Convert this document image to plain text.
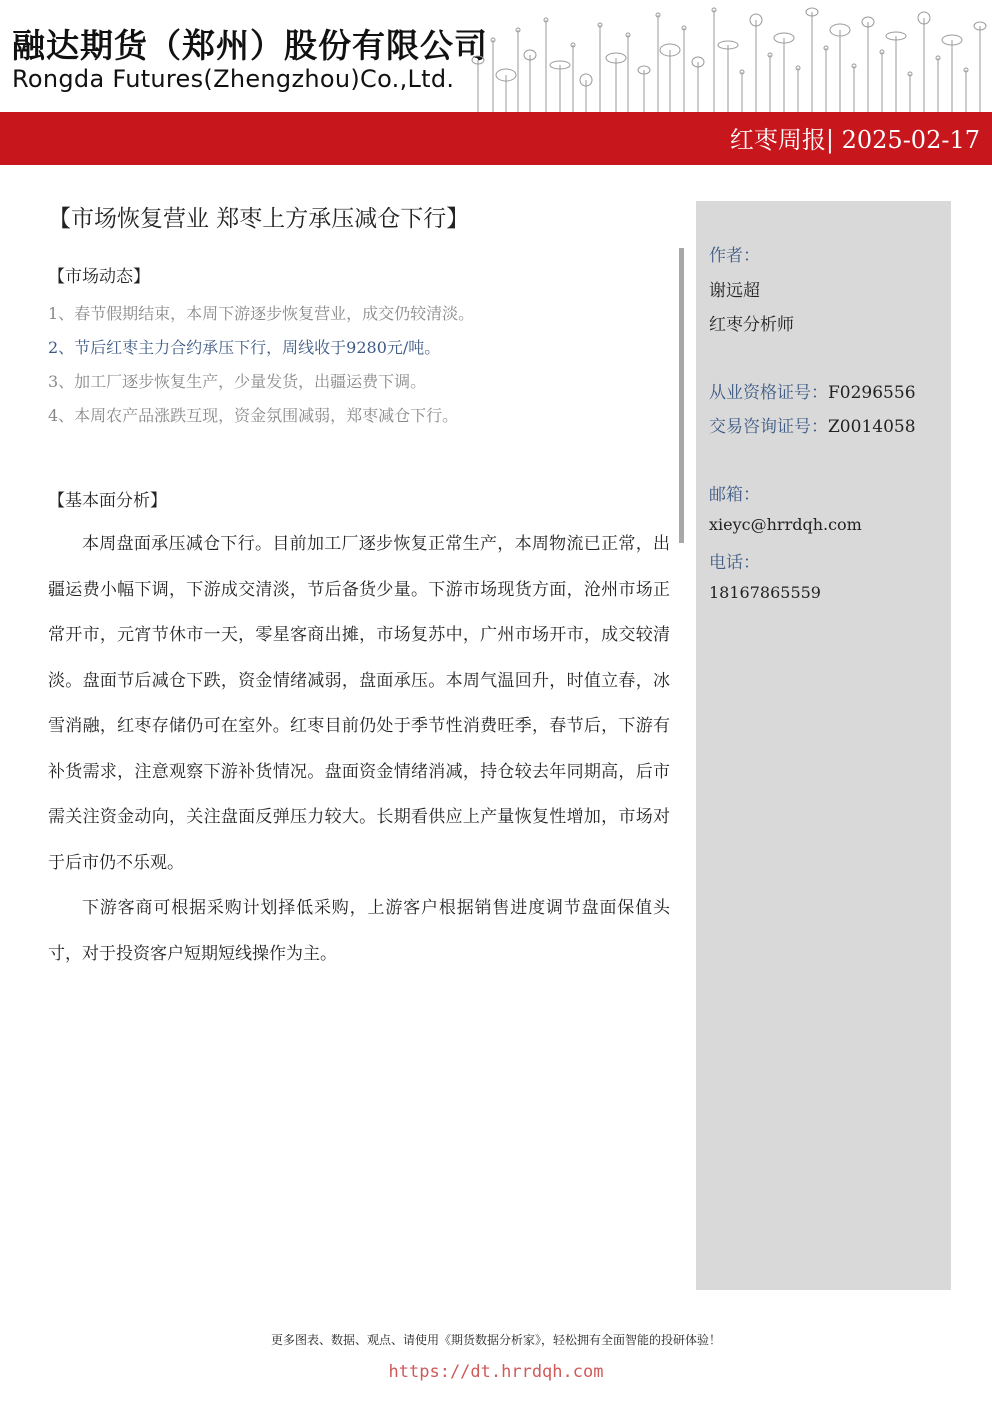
融达期货（郑州）股份有限公司
Rongda Futures(Zhengzhou)Co.,Ltd.
红枣周报| 2025-02-17
【市场恢复营业 郑枣上方承压减仓下行】
【市场动态】
1、春节假期结束，本周下游逐步恢复营业，成交仍较清淡。
2、节后红枣主力合约承压下行，周线收于9280元/吨。
3、加工厂逐步恢复生产，少量发货，出疆运费下调。
4、本周农产品涨跌互现，资金氛围减弱，郑枣减仓下行。
【基本面分析】

本周盘面承压减仓下行。目前加工厂逐步恢复正常生产，本周物流已正常，出疆运费小幅下调，下游成交清淡，节后备货少量。下游市场现货方面，沧州市场正常开市，元宵节休市一天，零星客商出摊，市场复苏中，广州市场开市，成交较清淡。盘面节后减仓下跌，资金情绪减弱，盘面承压。本周气温回升，时值立春，冰雪消融，红枣存储仍可在室外。红枣目前仍处于季节性消费旺季，春节后，下游有补货需求，注意观察下游补货情况。盘面资金情绪消减，持仓较去年同期高，后市需关注资金动向，关注盘面反弹压力较大。长期看供应上产量恢复性增加，市场对于后市仍不乐观。

下游客商可根据采购计划择低采购，上游客户根据销售进度调节盘面保值头寸，对于投资客户短期短线操作为主。

作者：
谢远超
红枣分析师
从业资格证号：F0296556
交易咨询证号：Z0014058
邮箱：
xieyc@hrrdqh.com
电话：
18167865559
更多图表、数据、观点、请使用《期货数据分析家》，轻松拥有全面智能的投研体验！
https://dt.hrrdqh.com
